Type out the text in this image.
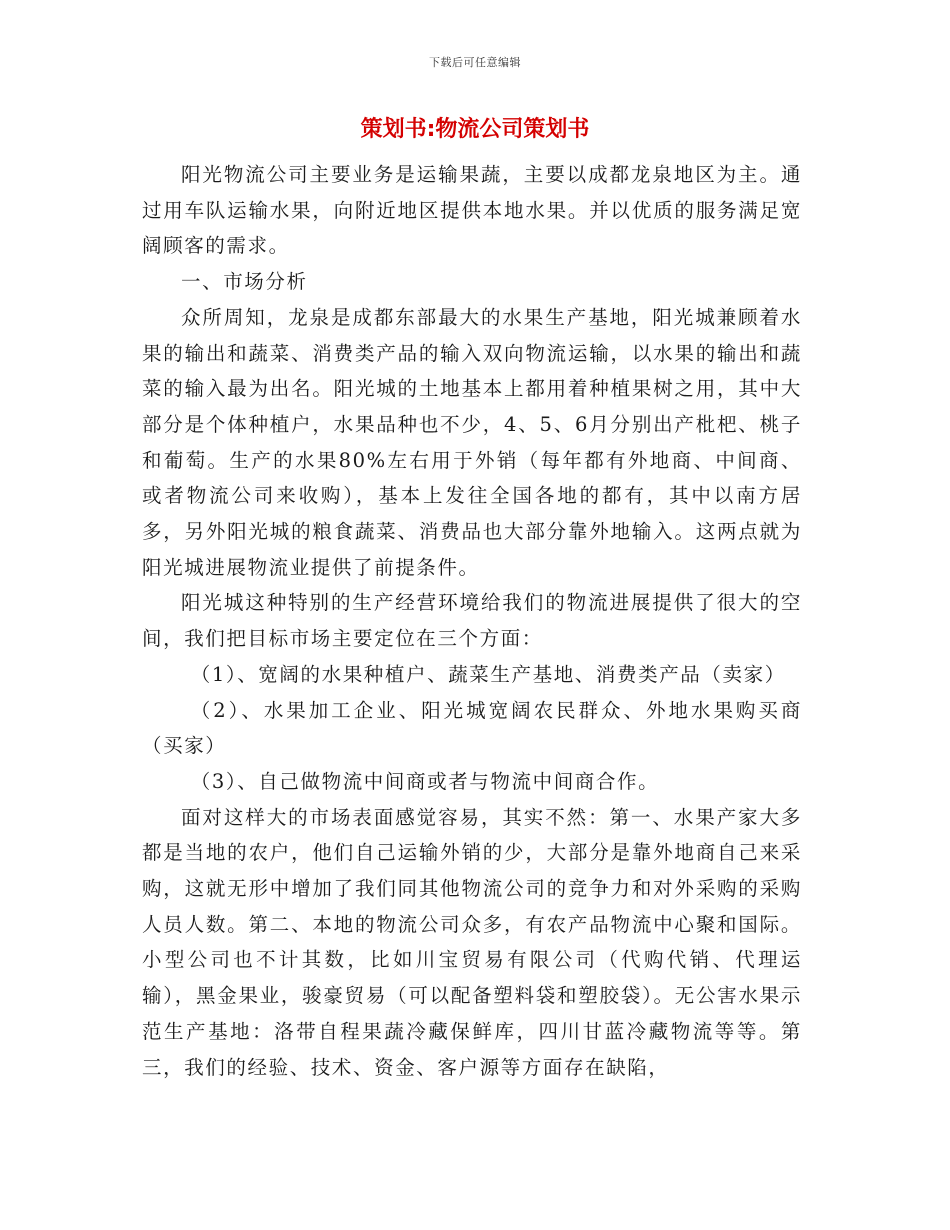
下载后可任意编辑
策划书:物流公司策划书

阳光物流公司主要业务是运输果蔬，主要以成都龙泉地区为主。通过用车队运输水果，向附近地区提供本地水果。并以优质的服务满足宽阔顾客的需求。

一、市场分析

众所周知，龙泉是成都东部最大的水果生产基地，阳光城兼顾着水果的输出和蔬菜、消费类产品的输入双向物流运输，以水果的输出和蔬菜的输入最为出名。阳光城的土地基本上都用着种植果树之用，其中大部分是个体种植户，水果品种也不少，4、5、6月分别出产枇杷、桃子和葡萄。生产的水果80%左右用于外销（每年都有外地商、中间商、或者物流公司来收购），基本上发往全国各地的都有，其中以南方居多，另外阳光城的粮食蔬菜、消费品也大部分靠外地输入。这两点就为阳光城进展物流业提供了前提条件。

阳光城这种特别的生产经营环境给我们的物流进展提供了很大的空间，我们把目标市场主要定位在三个方面：

（1）、宽阔的水果种植户、蔬菜生产基地、消费类产品（卖家）

（2）、水果加工企业、阳光城宽阔农民群众、外地水果购买商（买家）

（3）、自己做物流中间商或者与物流中间商合作。

面对这样大的市场表面感觉容易，其实不然：第一、水果产家大多都是当地的农户，他们自己运输外销的少，大部分是靠外地商自己来采购，这就无形中增加了我们同其他物流公司的竞争力和对外采购的采购人员人数。第二、本地的物流公司众多，有农产品物流中心聚和国际。小型公司也不计其数，比如川宝贸易有限公司（代购代销、代理运输），黑金果业，骏豪贸易（可以配备塑料袋和塑胶袋）。无公害水果示范生产基地：洛带自程果蔬冷藏保鲜库，四川甘蓝冷藏物流等等。第三，我们的经验、技术、资金、客户源等方面存在缺陷，
